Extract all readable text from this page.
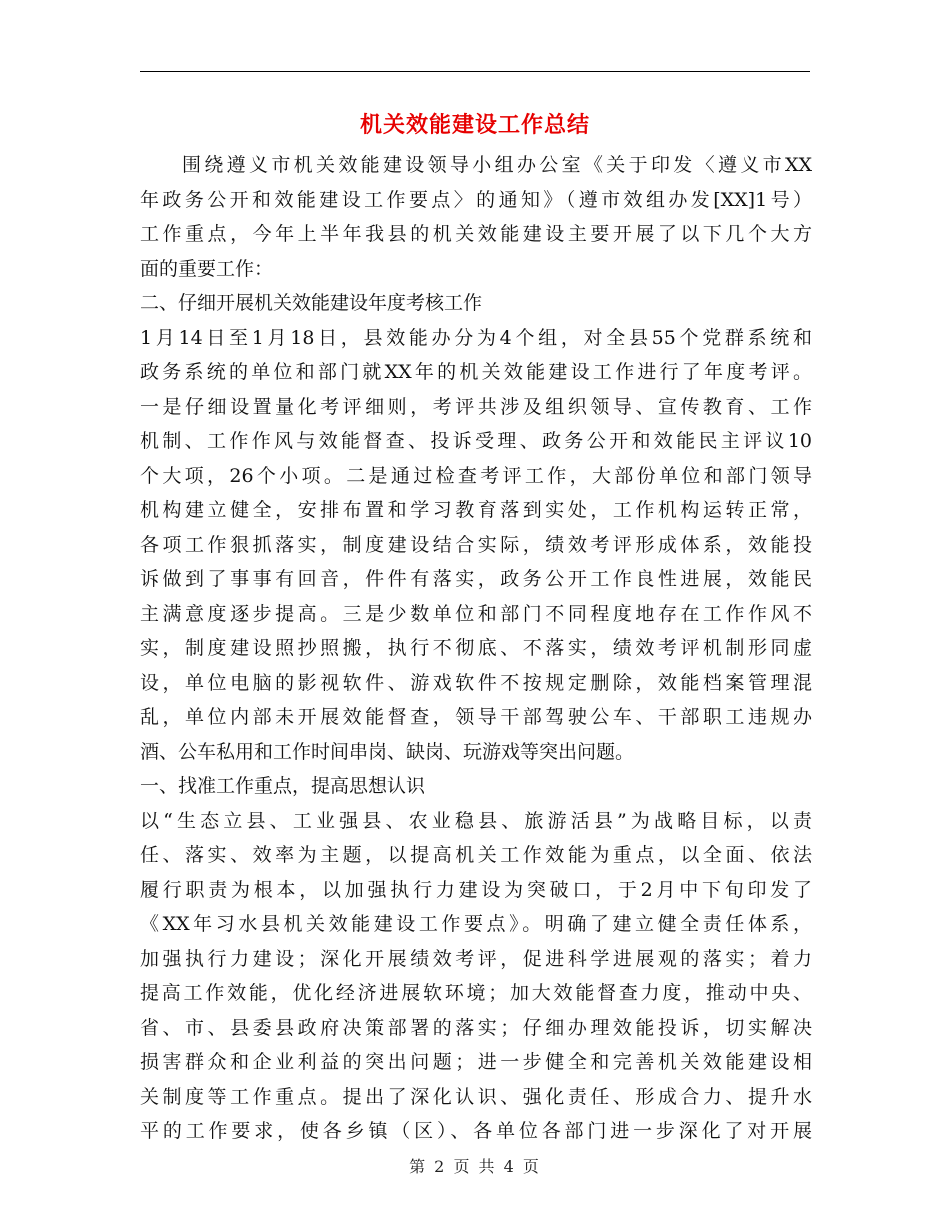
机关效能建设工作总结
围绕遵义市机关效能建设领导小组办公室《关于印发〈遵义市XX
年政务公开和效能建设工作要点〉的通知》（遵市效组办发[XX]1号）
工作重点，今年上半年我县的机关效能建设主要开展了以下几个大方
面的重要工作：
二、仔细开展机关效能建设年度考核工作
1月14日至1月18日，县效能办分为4个组，对全县55个党群系统和
政务系统的单位和部门就XX年的机关效能建设工作进行了年度考评。
一是仔细设置量化考评细则，考评共涉及组织领导、宣传教育、工作
机制、工作作风与效能督查、投诉受理、政务公开和效能民主评议10
个大项，26个小项。二是通过检查考评工作，大部份单位和部门领导
机构建立健全，安排布置和学习教育落到实处，工作机构运转正常，
各项工作狠抓落实，制度建设结合实际，绩效考评形成体系，效能投
诉做到了事事有回音，件件有落实，政务公开工作良性进展，效能民
主满意度逐步提高。三是少数单位和部门不同程度地存在工作作风不
实，制度建设照抄照搬，执行不彻底、不落实，绩效考评机制形同虚
设，单位电脑的影视软件、游戏软件不按规定删除，效能档案管理混
乱，单位内部未开展效能督查，领导干部驾驶公车、干部职工违规办
酒、公车私用和工作时间串岗、缺岗、玩游戏等突出问题。
一、找准工作重点，提高思想认识
以“生态立县、工业强县、农业稳县、旅游活县”为战略目标，以责
任、落实、效率为主题，以提高机关工作效能为重点，以全面、依法
履行职责为根本，以加强执行力建设为突破口，于2月中下旬印发了
《XX年习水县机关效能建设工作要点》。明确了建立健全责任体系，
加强执行力建设；深化开展绩效考评，促进科学进展观的落实；着力
提高工作效能，优化经济进展软环境；加大效能督查力度，推动中央、
省、市、县委县政府决策部署的落实；仔细办理效能投诉，切实解决
损害群众和企业利益的突出问题；进一步健全和完善机关效能建设相
关制度等工作重点。提出了深化认识、强化责任、形成合力、提升水
平的工作要求，使各乡镇（区）、各单位各部门进一步深化了对开展
第 2 页 共 4 页
